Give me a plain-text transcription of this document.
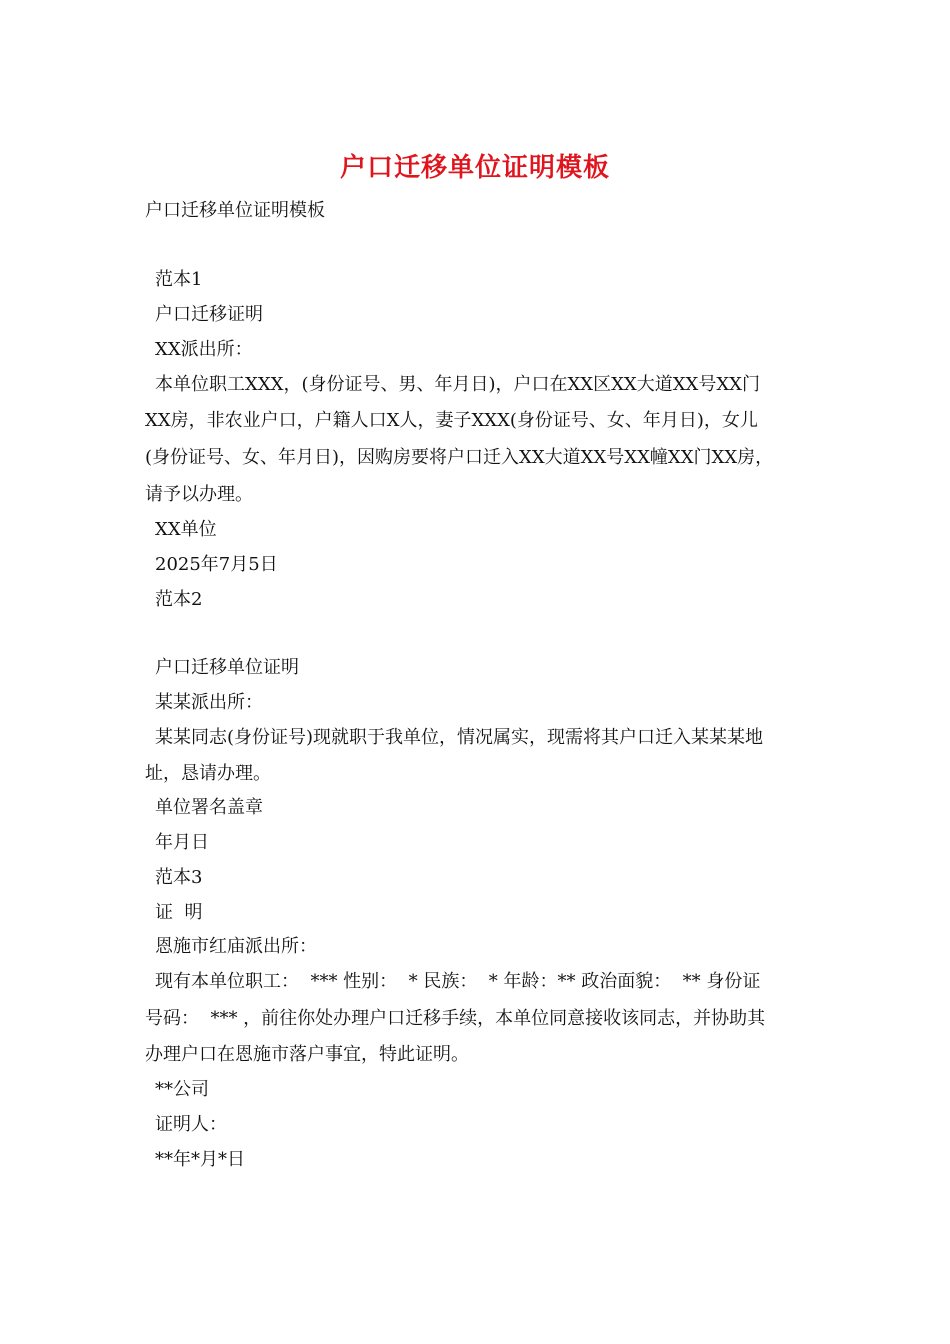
户口迁移单位证明模板
户口迁移单位证明模板
范本1
户口迁移证明
XX派出所：
本单位职工XXX，(身份证号、男、年月日)，户口在XX区XX大道XX号XX门
XX房，非农业户口，户籍人口X人，妻子XXX(身份证号、女、年月日)，女儿
(身份证号、女、年月日)，因购房要将户口迁入XX大道XX号XX幢XX门XX房，
请予以办理。
XX单位
2025年7月5日
范本2
户口迁移单位证明
某某派出所：
某某同志(身份证号)现就职于我单位，情况属实，现需将其户口迁入某某某地
址，恳请办理。
单位署名盖章
年月日
范本3
证  明
恩施市红庙派出所：
现有本单位职工：  *** 性别：  * 民族：  * 年龄：** 政治面貌：  ** 身份证
号码：  *** ，前往你处办理户口迁移手续，本单位同意接收该同志，并协助其
办理户口在恩施市落户事宜，特此证明。
**公司
证明人：
**年*月*日
